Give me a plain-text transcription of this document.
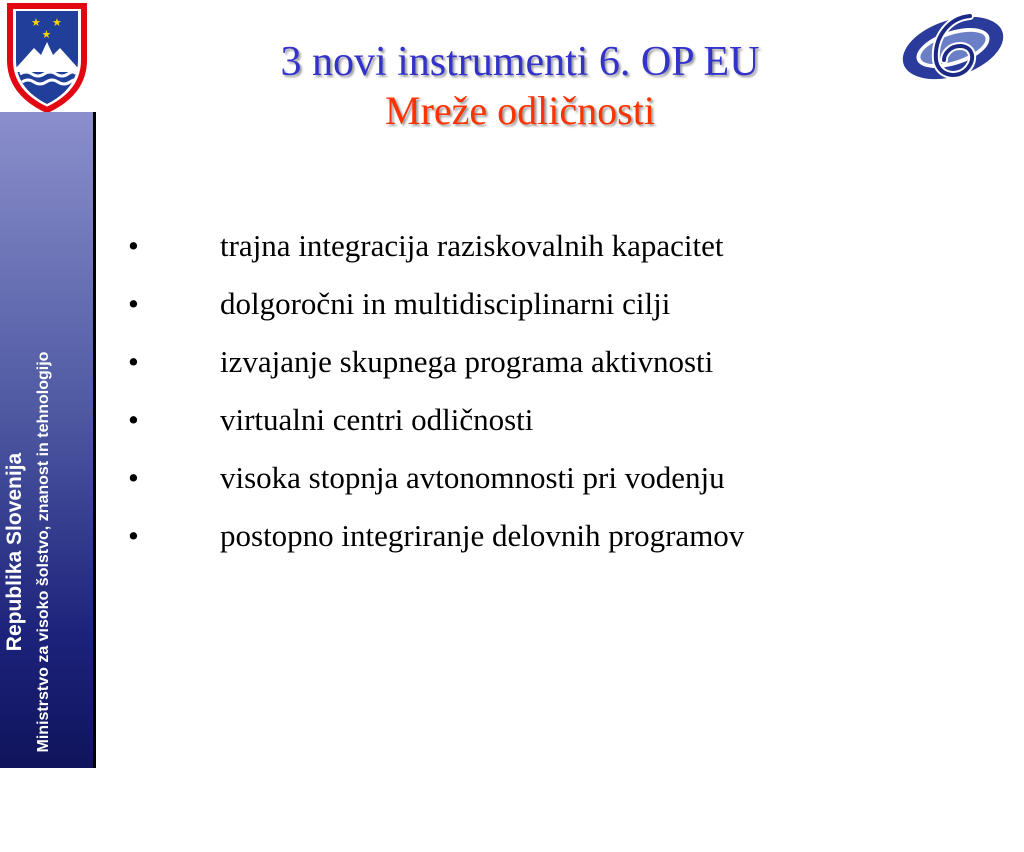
★ ★
★
Republika Slovenija Ministrstvo za visoko šolstvo, znanost in tehnologijo
3 novi instrumenti 6. OP EU
Mreže odličnosti
•	trajna integracija raziskovalnih kapacitet
•	dolgoročni in multidisciplinarni cilji
•	izvajanje skupnega programa aktivnosti
•	virtualni centri odličnosti
•	visoka stopnja avtonomnosti pri vodenju
•	postopno integriranje delovnih programov
